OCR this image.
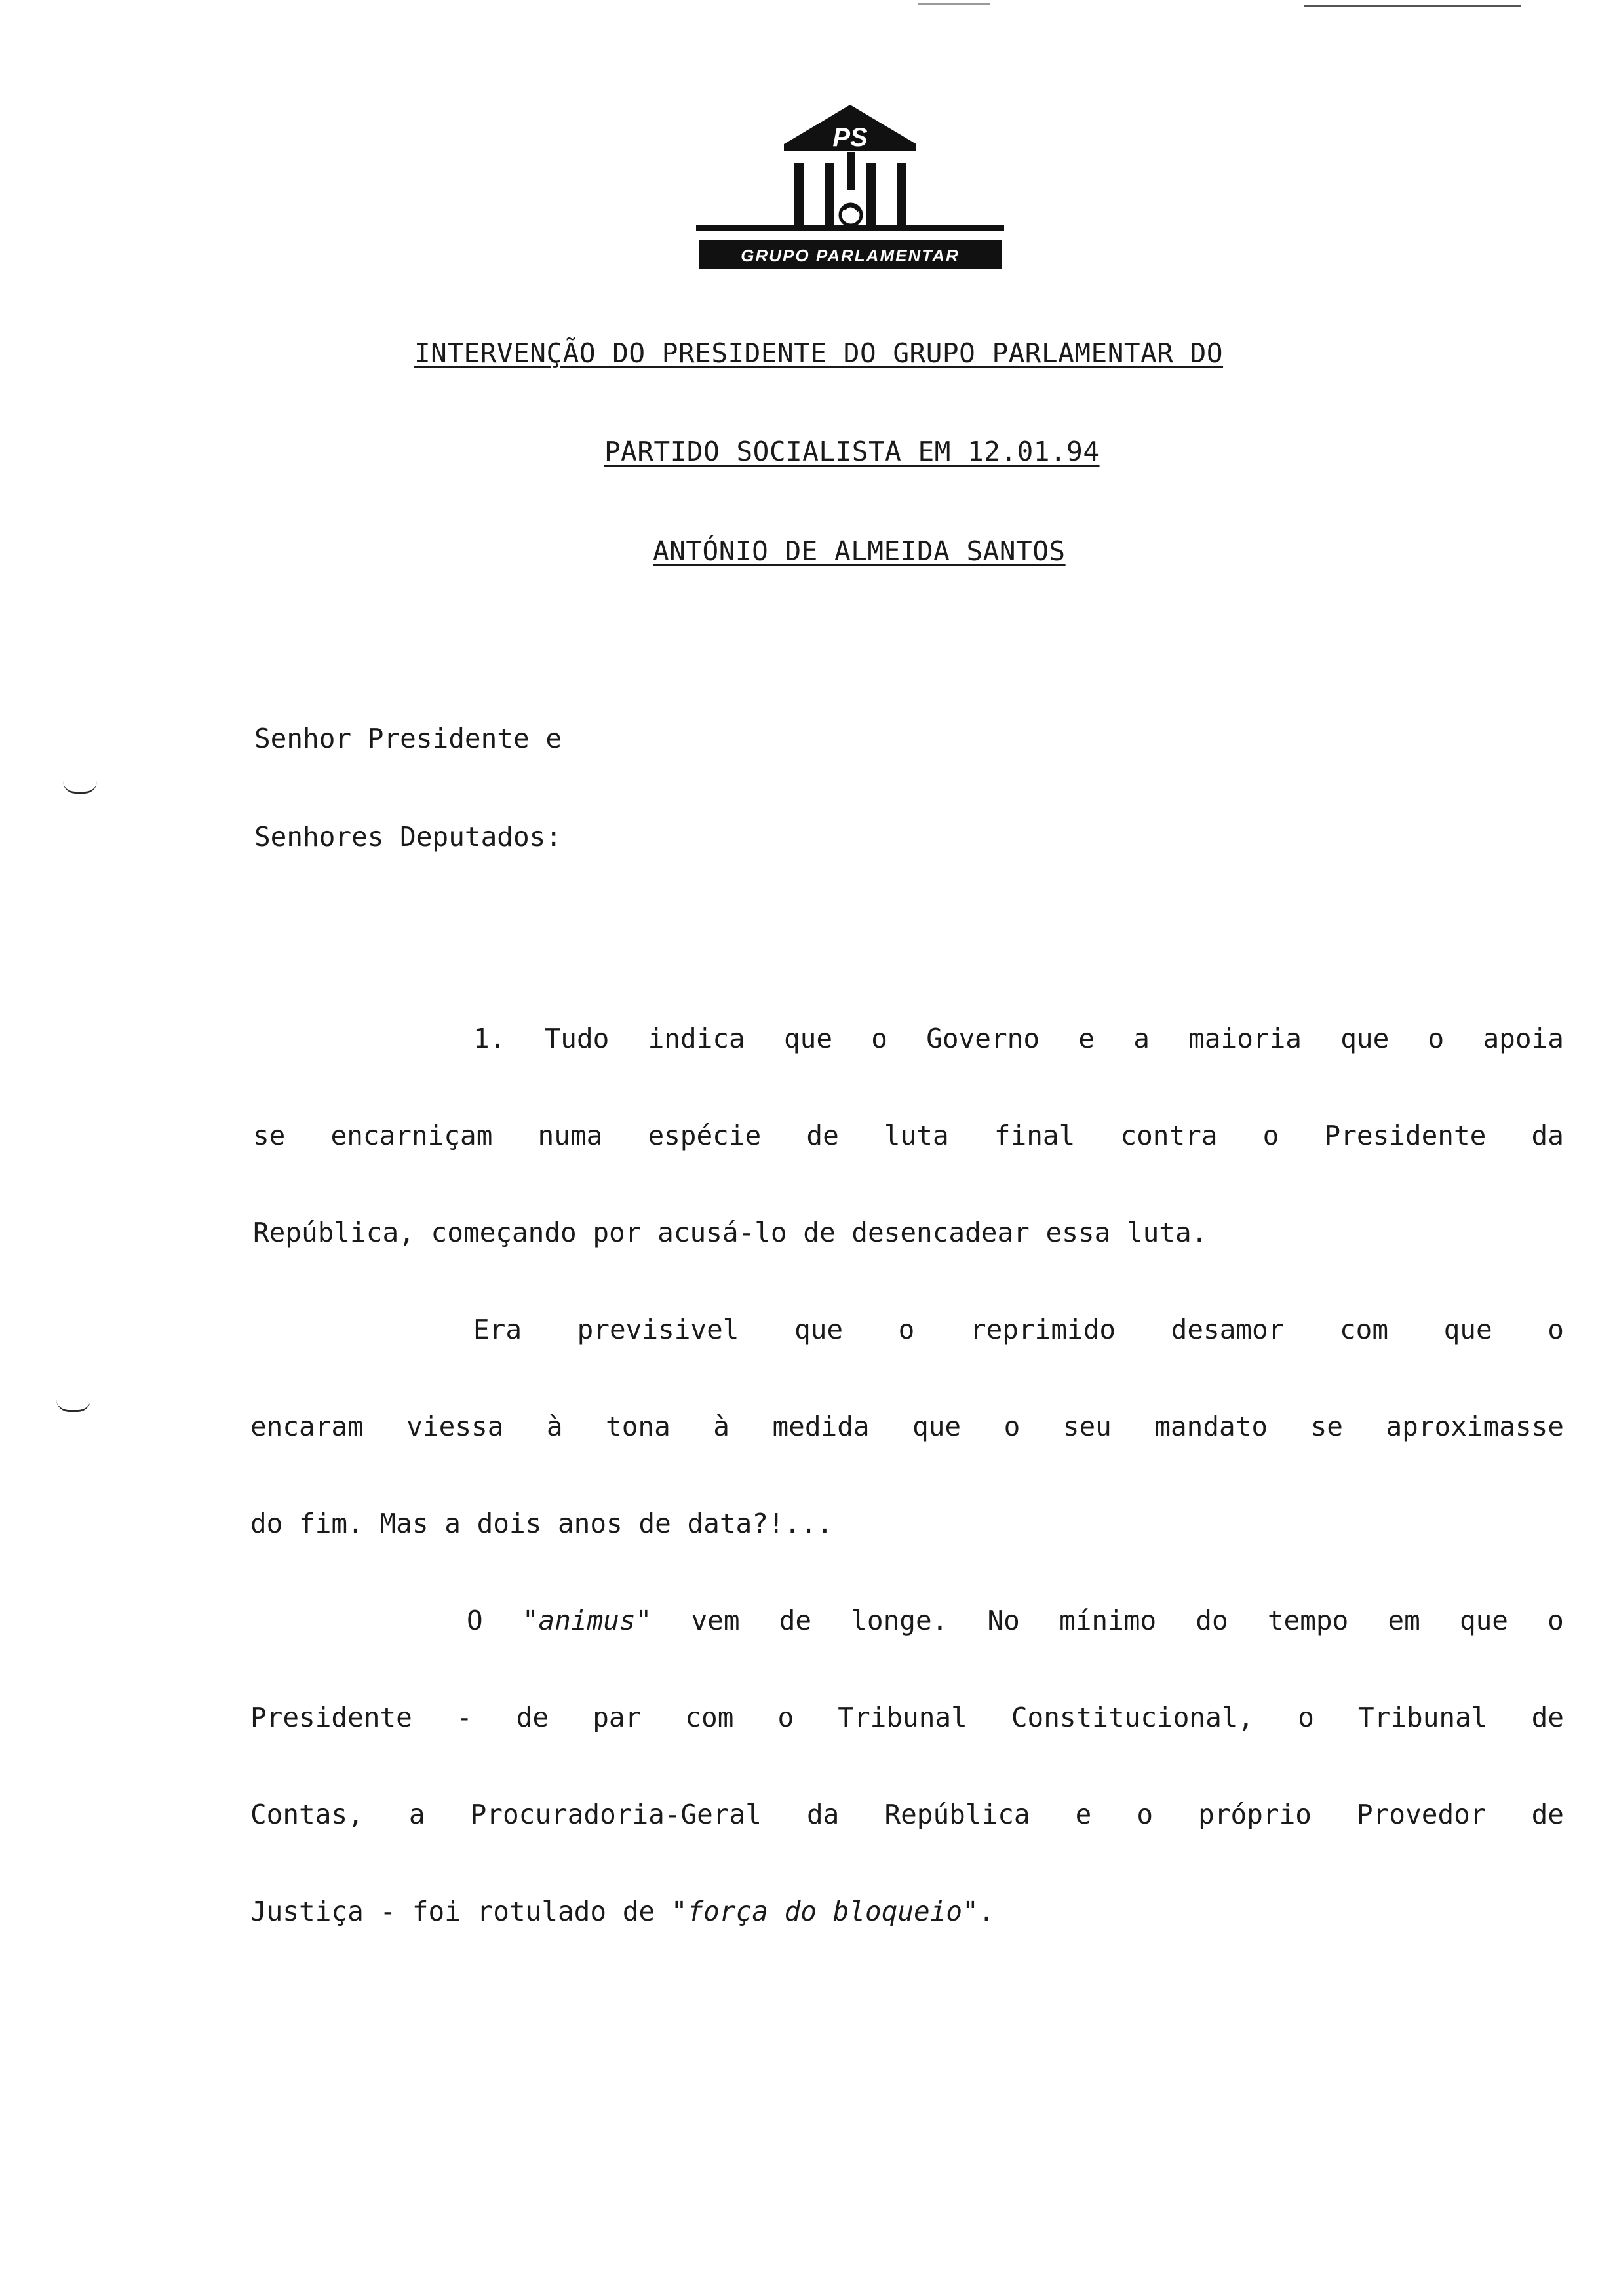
PS
GRUPO PARLAMENTAR
INTERVENÇÃO DO PRESIDENTE DO GRUPO PARLAMENTAR DO
PARTIDO SOCIALISTA EM 12.01.94
ANTÓNIO DE ALMEIDA SANTOS
Senhor Presidente e
Senhores Deputados:
1. Tudo indica que o Governo e a maioria que o apoia
se encarniçam numa espécie de luta final contra o Presidente da
República, começando por acusá-lo de desencadear essa luta.
Era previsivel que o reprimido desamor com que o
encaram viessa à tona à medida que o seu mandato se aproximasse
do fim. Mas a dois anos de data?!...
O "animus" vem de longe. No mínimo do tempo em que o
Presidente - de par com o Tribunal Constitucional, o Tribunal de
Contas, a Procuradoria-Geral da República e o próprio Provedor de
Justiça - foi rotulado de "força do bloqueio".
